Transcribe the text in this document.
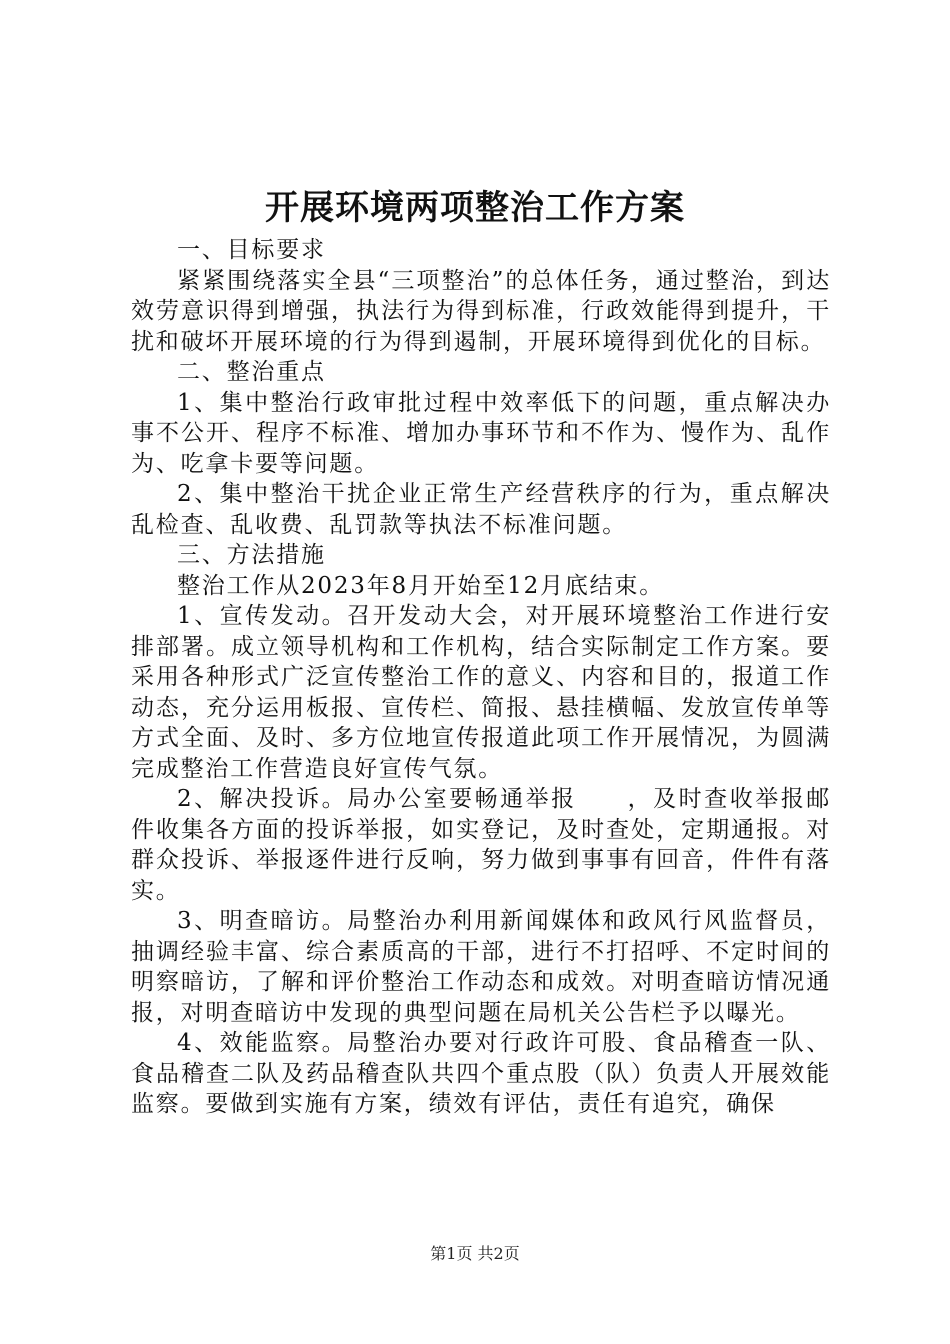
开展环境两项整治工作方案

一、目标要求

紧紧围绕落实全县“三项整治”的总体任务，通过整治，到达效劳意识得到增强，执法行为得到标准，行政效能得到提升，干扰和破坏开展环境的行为得到遏制，开展环境得到优化的目标。

二、整治重点

1、集中整治行政审批过程中效率低下的问题，重点解决办事不公开、程序不标准、增加办事环节和不作为、慢作为、乱作为、吃拿卡要等问题。

2、集中整治干扰企业正常生产经营秩序的行为，重点解决乱检查、乱收费、乱罚款等执法不标准问题。

三、方法措施

整治工作从2023年8月开始至12月底结束。

1、宣传发动。召开发动大会，对开展环境整治工作进行安排部署。成立领导机构和工作机构，结合实际制定工作方案。要采用各种形式广泛宣传整治工作的意义、内容和目的，报道工作动态，充分运用板报、宣传栏、简报、悬挂横幅、发放宣传单等方式全面、及时、多方位地宣传报道此项工作开展情况，为圆满完成整治工作营造良好宣传气氛。

2、解决投诉。局办公室要畅通举报　　，及时查收举报邮件收集各方面的投诉举报，如实登记，及时查处，定期通报。对群众投诉、举报逐件进行反响，努力做到事事有回音，件件有落实。

3、明查暗访。局整治办利用新闻媒体和政风行风监督员，抽调经验丰富、综合素质高的干部，进行不打招呼、不定时间的明察暗访，了解和评价整治工作动态和成效。对明查暗访情况通报，对明查暗访中发现的典型问题在局机关公告栏予以曝光。

4、效能监察。局整治办要对行政许可股、食品稽查一队、食品稽查二队及药品稽查队共四个重点股（队）负责人开展效能监察。要做到实施有方案，绩效有评估，责任有追究，确保

第1页 共2页
